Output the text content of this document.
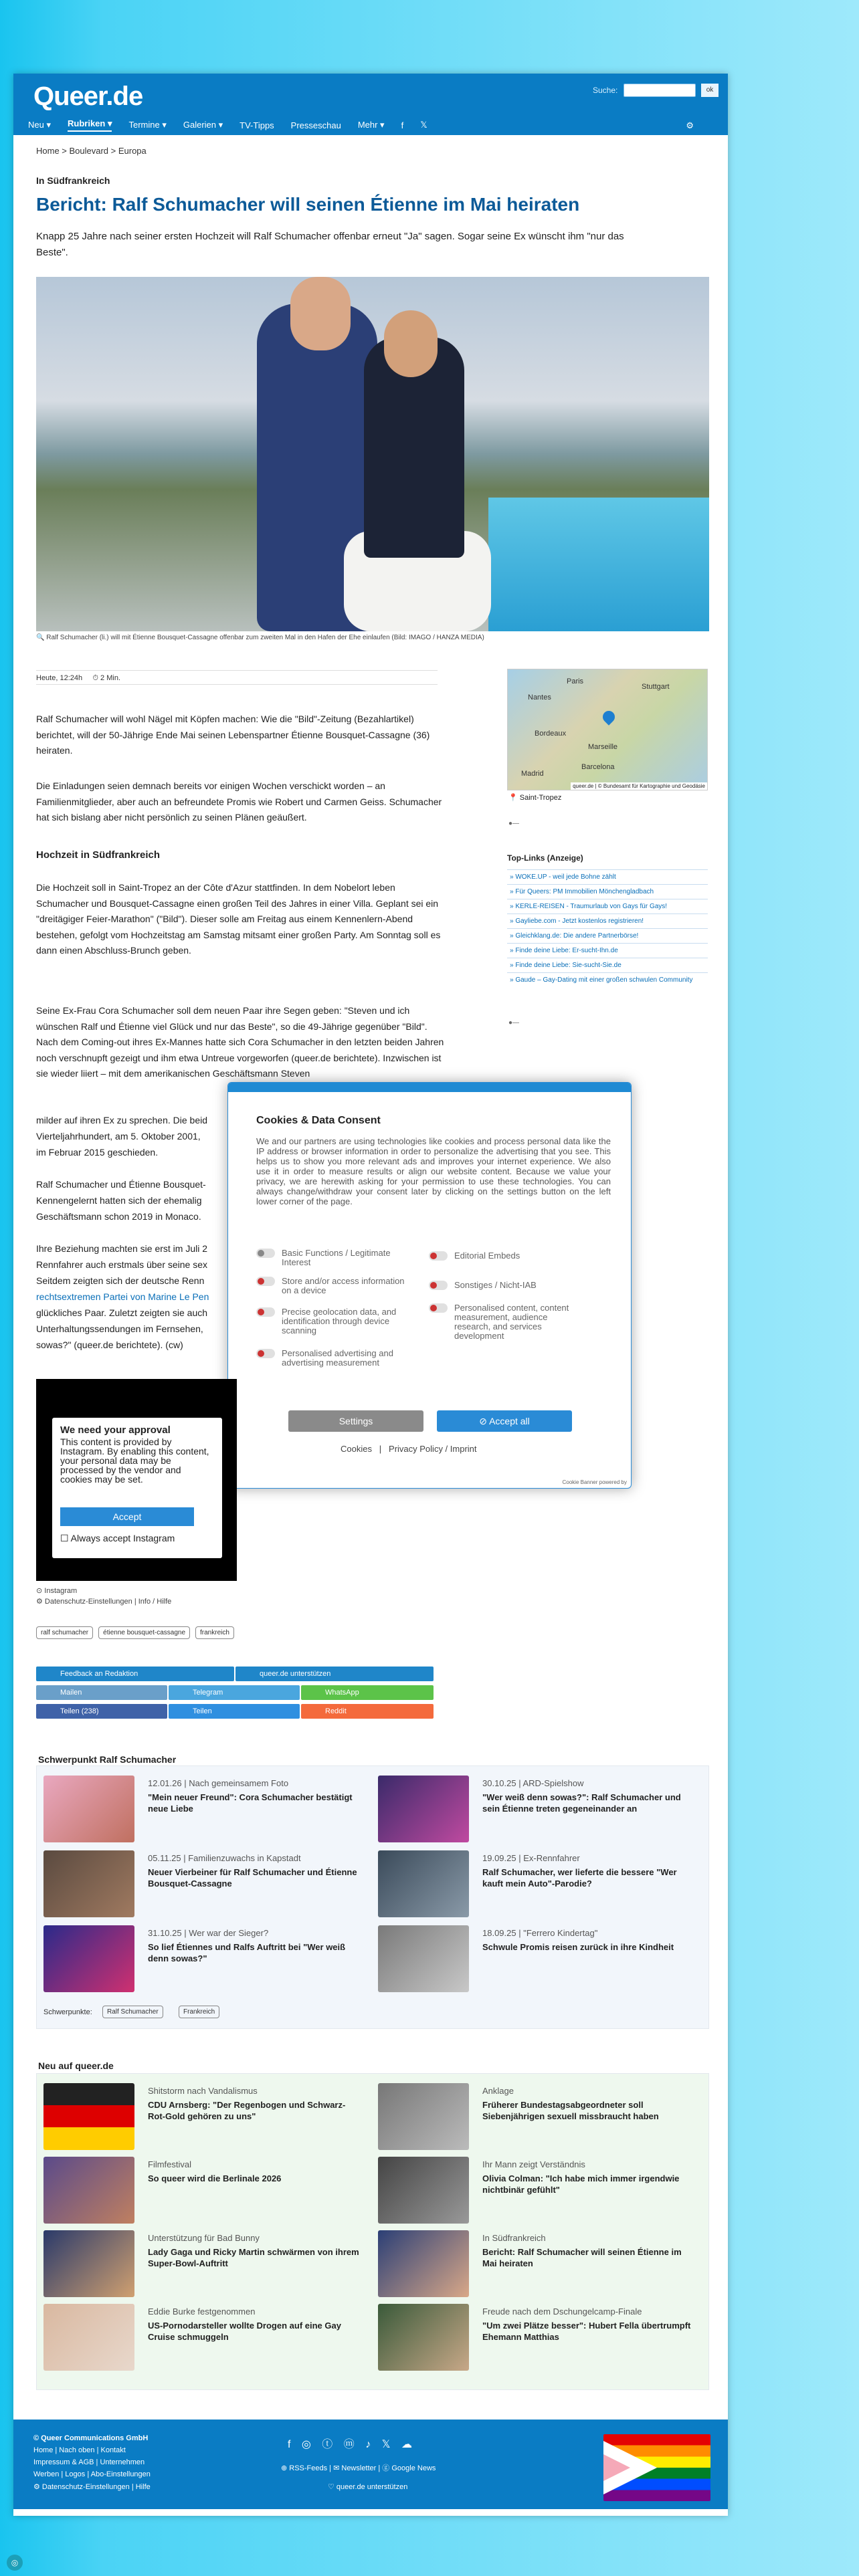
Queer.de	Suche:	ok
Neu ▾ Rubriken ▾ Termine ▾ Galerien ▾ TV-Tipps Presseschau Mehr ▾ f 𝕏	⚙
Home > Boulevard > Europa
In Südfrankreich
Bericht: Ralf Schumacher will seinen Étienne im Mai heiraten
Knapp 25 Jahre nach seiner ersten Hochzeit will Ralf Schumacher offenbar erneut "Ja" sagen. Sogar seine Ex wünscht ihm "nur das Beste".
🔍 Ralf Schumacher (li.) will mit Étienne Bousquet-Cassagne offenbar zum zweiten Mal in den Hafen der Ehe einlaufen (Bild: IMAGO / HANZA MEDIA)
Heute, 12:24h ⏱ 2 Min.
Ralf Schumacher will wohl Nägel mit Köpfen machen: Wie die "Bild"-Zeitung (Bezahlartikel) berichtet, will der 50-Jährige Ende Mai seinen Lebenspartner Étienne Bousquet-Cassagne (36) heiraten.
Die Einladungen seien demnach bereits vor einigen Wochen verschickt worden – an Familienmitglieder, aber auch an befreundete Promis wie Robert und Carmen Geiss. Schumacher hat sich bislang aber nicht persönlich zu seinen Plänen geäußert.
Hochzeit in Südfrankreich
Die Hochzeit soll in Saint-Tropez an der Côte d'Azur stattfinden. In dem Nobelort leben Schumacher und Bousquet-Cassagne einen großen Teil des Jahres in einer Villa. Geplant sei ein "dreitägiger Feier-Marathon" ("Bild"). Dieser solle am Freitag aus einem Kennenlern-Abend bestehen, gefolgt vom Hochzeitstag am Samstag mitsamt einer großen Party. Am Sonntag soll es dann einen Abschluss-Brunch geben.
Seine Ex-Frau Cora Schumacher soll dem neuen Paar ihre Segen geben: "Steven und ich wünschen Ralf und Étienne viel Glück und nur das Beste", so die 49-Jährige gegenüber "Bild". Nach dem Coming-out ihres Ex-Mannes hatte sich Cora Schumacher in den letzten beiden Jahren noch verschnupft gezeigt und ihm etwa Untreue vorgeworfen (queer.de berichtete). Inzwischen ist sie wieder liiert – mit dem amerikanischen Geschäftsmann Steven
milder auf ihren Ex zu sprechen. Die beid
Vierteljahrhundert, am 5. Oktober 2001,
im Februar 2015 geschieden.
Ralf Schumacher und Étienne Bousquet-
Kennengelernt hatten sich der ehemalig
Geschäftsmann schon 2019 in Monaco.
Ihre Beziehung machten sie erst im Juli 2
Rennfahrer auch erstmals über seine sex
Seitdem zeigten sich der deutsche Renn
rechtsextremen Partei von Marine Le Pen
glückliches Paar. Zuletzt zeigten sie auch
Unterhaltungssendungen im Fernsehen,
sowas?" (queer.de berichtete). (cw)
Paris
Nantes
Bordeaux
Marseille
Madrid
Barcelona
Stuttgart
queer.de | © Bundesamt für Kartographie und Geodäsie
📍 Saint-Tropez
●—
Top-Links (Anzeige)
» WOKE.UP - weil jede Bohne zählt
» Für Queers: PM Immobilien Mönchengladbach
» KERLE-REISEN - Traumurlaub von Gays für Gays!
» Gayliebe.com - Jetzt kostenlos registrieren!
» Gleichklang.de: Die andere Partnerbörse!
» Finde deine Liebe: Er-sucht-Ihn.de
» Finde deine Liebe: Sie-sucht-Sie.de
» Gaude – Gay-Dating mit einer großen schwulen Community
●—
Cookies & Data Consent
We and our partners are using technologies like cookies and process personal data like the IP address or browser information in order to personalize the advertising that you see. This helps us to show you more relevant ads and improves your internet experience. We also use it in order to measure results or align our website content. Because we value your privacy, we are herewith asking for your permission to use these technologies. You can always change/withdraw your consent later by clicking on the settings button on the left lower corner of the page.
Basic Functions / Legitimate Interest
Editorial Embeds
Store and/or access information on a device
Sonstiges / Nicht-IAB
Precise geolocation data, and identification through device scanning
Personalised content, content measurement, audience research, and services development
Personalised advertising and advertising measurement
Settings	⊘ Accept all
Cookies   |   Privacy Policy / Imprint
Cookie Banner powered by
We need your approval

This content is provided by Instagram. By enabling this content, your personal data may be processed by the vendor and cookies may be set.

Accept
☐ Always accept Instagram
⊙ Instagram
⚙ Datenschutz-Einstellungen | Info / Hilfe
ralf schumacher	étienne bousquet-cassagne	frankreich
Feedback an Redaktion	queer.de unterstützen
Mailen	Telegram	WhatsApp
Teilen (238)	Teilen	Reddit
Schwerpunkt Ralf Schumacher
12.01.26 | Nach gemeinsamem Foto
"Mein neuer Freund": Cora Schumacher bestätigt neue Liebe
30.10.25 | ARD-Spielshow
"Wer weiß denn sowas?": Ralf Schumacher und sein Étienne treten gegeneinander an
05.11.25 | Familienzuwachs in Kapstadt
Neuer Vierbeiner für Ralf Schumacher und Étienne Bousquet-Cassagne
19.09.25 | Ex-Rennfahrer
Ralf Schumacher, wer lieferte die bessere "Wer kauft mein Auto"-Parodie?
31.10.25 | Wer war der Sieger?
So lief Étiennes und Ralfs Auftritt bei "Wer weiß denn sowas?"
18.09.25 | "Ferrero Kindertag"
Schwule Promis reisen zurück in ihre Kindheit
Schwerpunkte:	Ralf Schumacher	Frankreich
Neu auf queer.de
Shitstorm nach Vandalismus
CDU Arnsberg: "Der Regenbogen und Schwarz-Rot-Gold gehören zu uns"
Anklage
Früherer Bundestagsabgeordneter soll Siebenjährigen sexuell missbraucht haben
Filmfestival
So queer wird die Berlinale 2026
Ihr Mann zeigt Verständnis
Olivia Colman: "Ich habe mich immer irgendwie nichtbinär gefühlt"
Unterstützung für Bad Bunny
Lady Gaga und Ricky Martin schwärmen von ihrem Super-Bowl-Auftritt
In Südfrankreich
Bericht: Ralf Schumacher will seinen Étienne im Mai heiraten
Eddie Burke festgenommen
US-Pornodarsteller wollte Drogen auf eine Gay Cruise schmuggeln
Freude nach dem Dschungelcamp-Finale
"Um zwei Plätze besser": Hubert Fella übertrumpft Ehemann Matthias
© Queer Communications GmbH
Home | Nach oben | Kontakt
Impressum & AGB | Unternehmen
Werben | Logos | Abo-Einstellungen
⚙ Datenschutz-Einstellungen | Hilfe
f ◎ ⓣ ⓜ ♪ 𝕏 ☁
⊕ RSS-Feeds | ✉ Newsletter | ⓖ Google News
♡ queer.de unterstützen
◎
